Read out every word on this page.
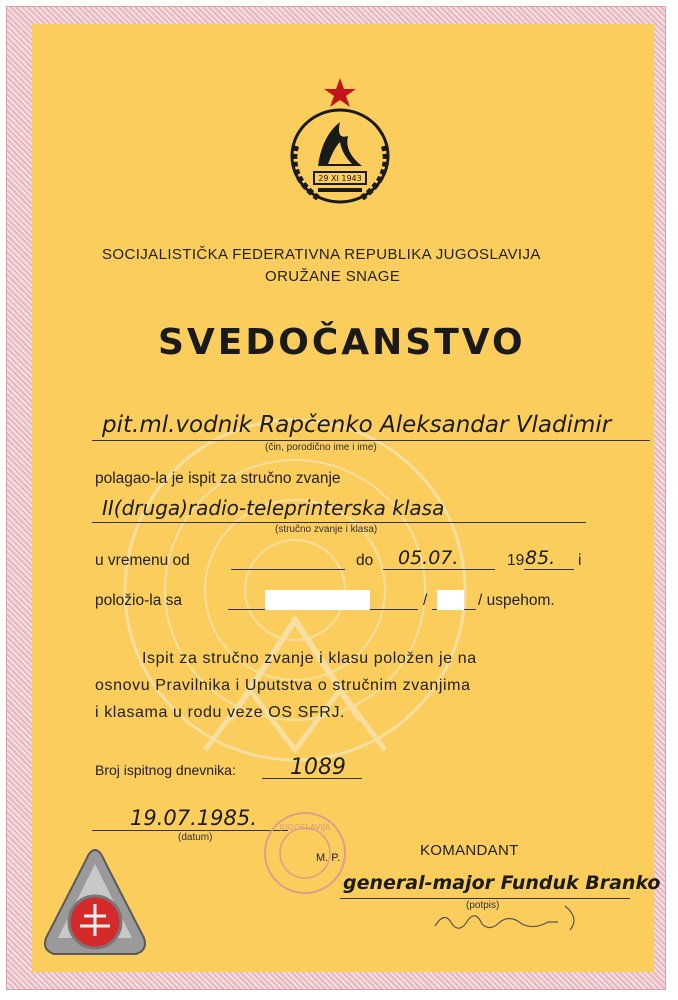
29 XI 1943
SOCIJALISTIČKA FEDERATIVNA REPUBLIKA JUGOSLAVIJA
ORUŽANE SNAGE
SVEDOČANSTVO
pit.ml.vodnik Rapčenko Aleksandar Vladimir
(čin, porodično ime i ime)
polagao-la je ispit za stručno zvanje
II(druga)radio-teleprinterska klasa
(stručno zvanje i klasa)
u vremenu od	do 05.07.	19 85. i
položio-la sa	/	/ uspehom.
Ispit za stručno zvanje i klasu položen je na
osnovu Pravilnika i Uputstva o stručnim zvanjima
i klasama u rodu veze OS SFRJ.
Broj ispitnog dnevnika: 1089
19.07.1985.
(datum)
JUGOSLAVIJA
M. P.	KOMANDANT
general-major Funduk Branko
(potpis)
